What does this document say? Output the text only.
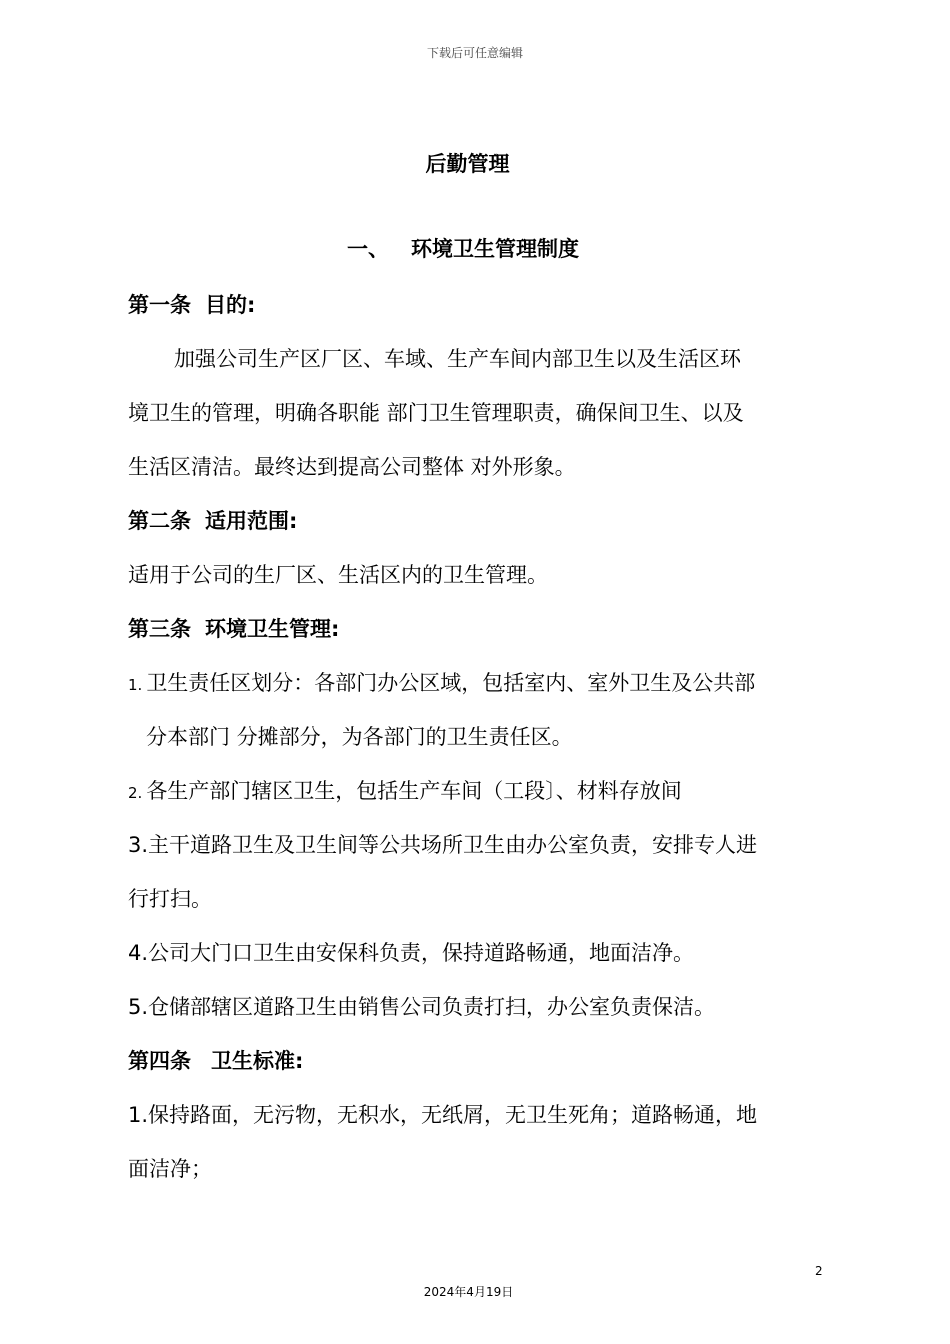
下载后可任意编辑
后勤管理
一、 环境卫生管理制度
第一条 目的:
加强公司生产区厂区、车域、生产车间内部卫生以及生活区环
境卫生的管理，明确各职能 部门卫生管理职责，确保间卫生、以及
生活区清洁。最终达到提高公司整体 对外形象。
第二条 适用范围:
适用于公司的生厂区、生活区内的卫生管理。
第三条 环境卫生管理:
1. 卫生责任区划分：各部门办公区域，包括室内、室外卫生及公共部
分本部门 分摊部分，为各部门的卫生责任区。
2. 各生产部门辖区卫生，包括生产车间（工段〕、材料存放间
3.主干道路卫生及卫生间等公共场所卫生由办公室负责，安排专人进
行打扫。
4.公司大门口卫生由安保科负责，保持道路畅通，地面洁净。
5.仓储部辖区道路卫生由销售公司负责打扫，办公室负责保洁。
第四条 卫生标准:
1.保持路面，无污物，无积水，无纸屑，无卫生死角；道路畅通，地
面洁净；
2
2024年4月19日
